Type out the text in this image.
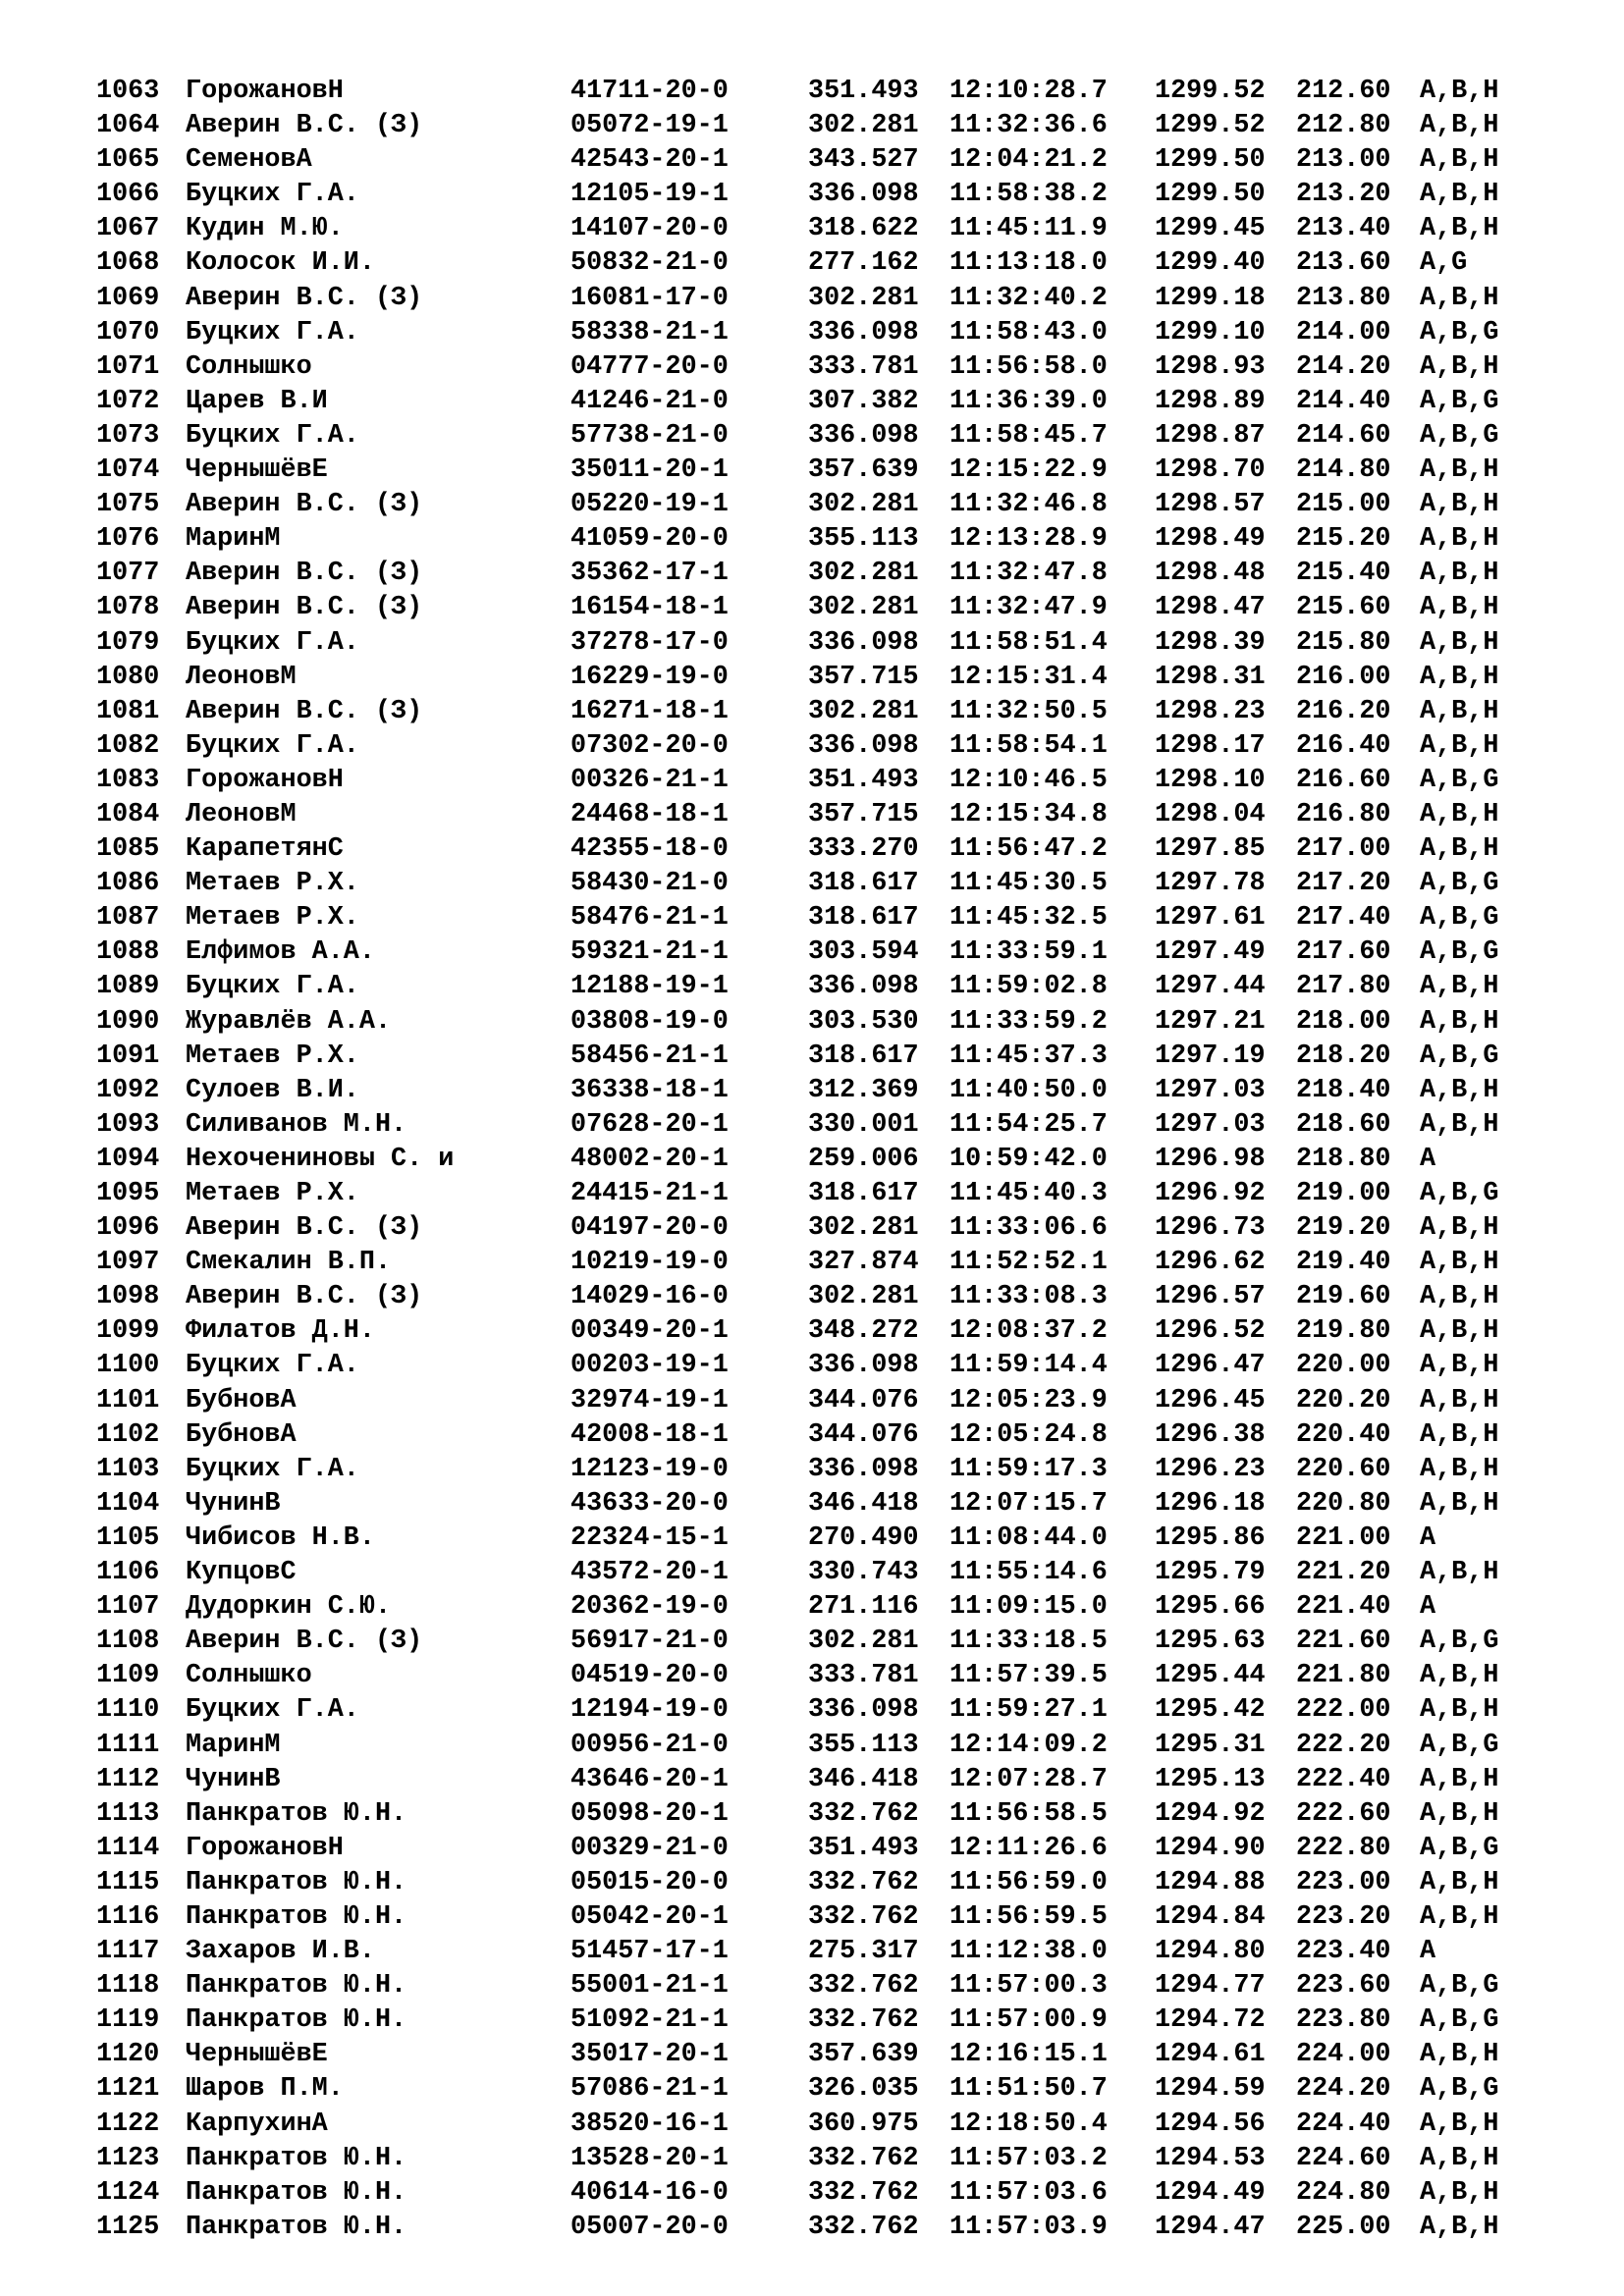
1063 ГорожановН	41711-20-0	351.493 12:10:28.7 1299.52 212.60 A,B,H
1064 Аверин В.С. (З)	05072-19-1	302.281 11:32:36.6 1299.52 212.80 A,B,H
1065 СеменовА	42543-20-1	343.527 12:04:21.2 1299.50 213.00 A,B,H
1066 Буцких Г.А.	12105-19-1	336.098 11:58:38.2 1299.50 213.20 A,B,H
1067 Кудин М.Ю.	14107-20-0	318.622 11:45:11.9 1299.45 213.40 A,B,H
1068 Колосок И.И.	50832-21-0	277.162 11:13:18.0 1299.40 213.60 A,G
1069 Аверин В.С. (З)	16081-17-0	302.281 11:32:40.2 1299.18 213.80 A,B,H
1070 Буцких Г.А.	58338-21-1	336.098 11:58:43.0 1299.10 214.00 A,B,G
1071 Солнышко	04777-20-0	333.781 11:56:58.0 1298.93 214.20 A,B,H
1072 Царев В.И	41246-21-0	307.382 11:36:39.0 1298.89 214.40 A,B,G
1073 Буцких Г.А.	57738-21-0	336.098 11:58:45.7 1298.87 214.60 A,B,G
1074 ЧернышёвЕ	35011-20-1	357.639 12:15:22.9 1298.70 214.80 A,B,H
1075 Аверин В.С. (З)	05220-19-1	302.281 11:32:46.8 1298.57 215.00 A,B,H
1076 МаринМ	41059-20-0	355.113 12:13:28.9 1298.49 215.20 A,B,H
1077 Аверин В.С. (З)	35362-17-1	302.281 11:32:47.8 1298.48 215.40 A,B,H
1078 Аверин В.С. (З)	16154-18-1	302.281 11:32:47.9 1298.47 215.60 A,B,H
1079 Буцких Г.А.	37278-17-0	336.098 11:58:51.4 1298.39 215.80 A,B,H
1080 ЛеоновМ	16229-19-0	357.715 12:15:31.4 1298.31 216.00 A,B,H
1081 Аверин В.С. (З)	16271-18-1	302.281 11:32:50.5 1298.23 216.20 A,B,H
1082 Буцких Г.А.	07302-20-0	336.098 11:58:54.1 1298.17 216.40 A,B,H
1083 ГорожановН	00326-21-1	351.493 12:10:46.5 1298.10 216.60 A,B,G
1084 ЛеоновМ	24468-18-1	357.715 12:15:34.8 1298.04 216.80 A,B,H
1085 КарапетянС	42355-18-0	333.270 11:56:47.2 1297.85 217.00 A,B,H
1086 Метаев Р.Х.	58430-21-0	318.617 11:45:30.5 1297.78 217.20 A,B,G
1087 Метаев Р.Х.	58476-21-1	318.617 11:45:32.5 1297.61 217.40 A,B,G
1088 Елфимов А.А.	59321-21-1	303.594 11:33:59.1 1297.49 217.60 A,B,G
1089 Буцких Г.А.	12188-19-1	336.098 11:59:02.8 1297.44 217.80 A,B,H
1090 Журавлёв А.А.	03808-19-0	303.530 11:33:59.2 1297.21 218.00 A,B,H
1091 Метаев Р.Х.	58456-21-1	318.617 11:45:37.3 1297.19 218.20 A,B,G
1092 Сулоев В.И.	36338-18-1	312.369 11:40:50.0 1297.03 218.40 A,B,H
1093 Силиванов М.Н.	07628-20-1	330.001 11:54:25.7 1297.03 218.60 A,B,H
1094 Нехочениновы С. и	48002-20-1	259.006 10:59:42.0 1296.98 218.80 A
1095 Метаев Р.Х.	24415-21-1	318.617 11:45:40.3 1296.92 219.00 A,B,G
1096 Аверин В.С. (З)	04197-20-0	302.281 11:33:06.6 1296.73 219.20 A,B,H
1097 Смекалин В.П.	10219-19-0	327.874 11:52:52.1 1296.62 219.40 A,B,H
1098 Аверин В.С. (З)	14029-16-0	302.281 11:33:08.3 1296.57 219.60 A,B,H
1099 Филатов Д.Н.	00349-20-1	348.272 12:08:37.2 1296.52 219.80 A,B,H
1100 Буцких Г.А.	00203-19-1	336.098 11:59:14.4 1296.47 220.00 A,B,H
1101 БубновА	32974-19-1	344.076 12:05:23.9 1296.45 220.20 A,B,H
1102 БубновА	42008-18-1	344.076 12:05:24.8 1296.38 220.40 A,B,H
1103 Буцких Г.А.	12123-19-0	336.098 11:59:17.3 1296.23 220.60 A,B,H
1104 ЧунинВ	43633-20-0	346.418 12:07:15.7 1296.18 220.80 A,B,H
1105 Чибисов Н.В.	22324-15-1	270.490 11:08:44.0 1295.86 221.00 A
1106 КупцовС	43572-20-1	330.743 11:55:14.6 1295.79 221.20 A,B,H
1107 Дудоркин С.Ю.	20362-19-0	271.116 11:09:15.0 1295.66 221.40 A
1108 Аверин В.С. (З)	56917-21-0	302.281 11:33:18.5 1295.63 221.60 A,B,G
1109 Солнышко	04519-20-0	333.781 11:57:39.5 1295.44 221.80 A,B,H
1110 Буцких Г.А.	12194-19-0	336.098 11:59:27.1 1295.42 222.00 A,B,H
1111 МаринМ	00956-21-0	355.113 12:14:09.2 1295.31 222.20 A,B,G
1112 ЧунинВ	43646-20-1	346.418 12:07:28.7 1295.13 222.40 A,B,H
1113 Панкратов Ю.Н.	05098-20-1	332.762 11:56:58.5 1294.92 222.60 A,B,H
1114 ГорожановН	00329-21-0	351.493 12:11:26.6 1294.90 222.80 A,B,G
1115 Панкратов Ю.Н.	05015-20-0	332.762 11:56:59.0 1294.88 223.00 A,B,H
1116 Панкратов Ю.Н.	05042-20-1	332.762 11:56:59.5 1294.84 223.20 A,B,H
1117 Захаров И.В.	51457-17-1	275.317 11:12:38.0 1294.80 223.40 A
1118 Панкратов Ю.Н.	55001-21-1	332.762 11:57:00.3 1294.77 223.60 A,B,G
1119 Панкратов Ю.Н.	51092-21-1	332.762 11:57:00.9 1294.72 223.80 A,B,G
1120 ЧернышёвЕ	35017-20-1	357.639 12:16:15.1 1294.61 224.00 A,B,H
1121 Шаров П.М.	57086-21-1	326.035 11:51:50.7 1294.59 224.20 A,B,G
1122 КарпухинА	38520-16-1	360.975 12:18:50.4 1294.56 224.40 A,B,H
1123 Панкратов Ю.Н.	13528-20-1	332.762 11:57:03.2 1294.53 224.60 A,B,H
1124 Панкратов Ю.Н.	40614-16-0	332.762 11:57:03.6 1294.49 224.80 A,B,H
1125 Панкратов Ю.Н.	05007-20-0	332.762 11:57:03.9 1294.47 225.00 A,B,H
